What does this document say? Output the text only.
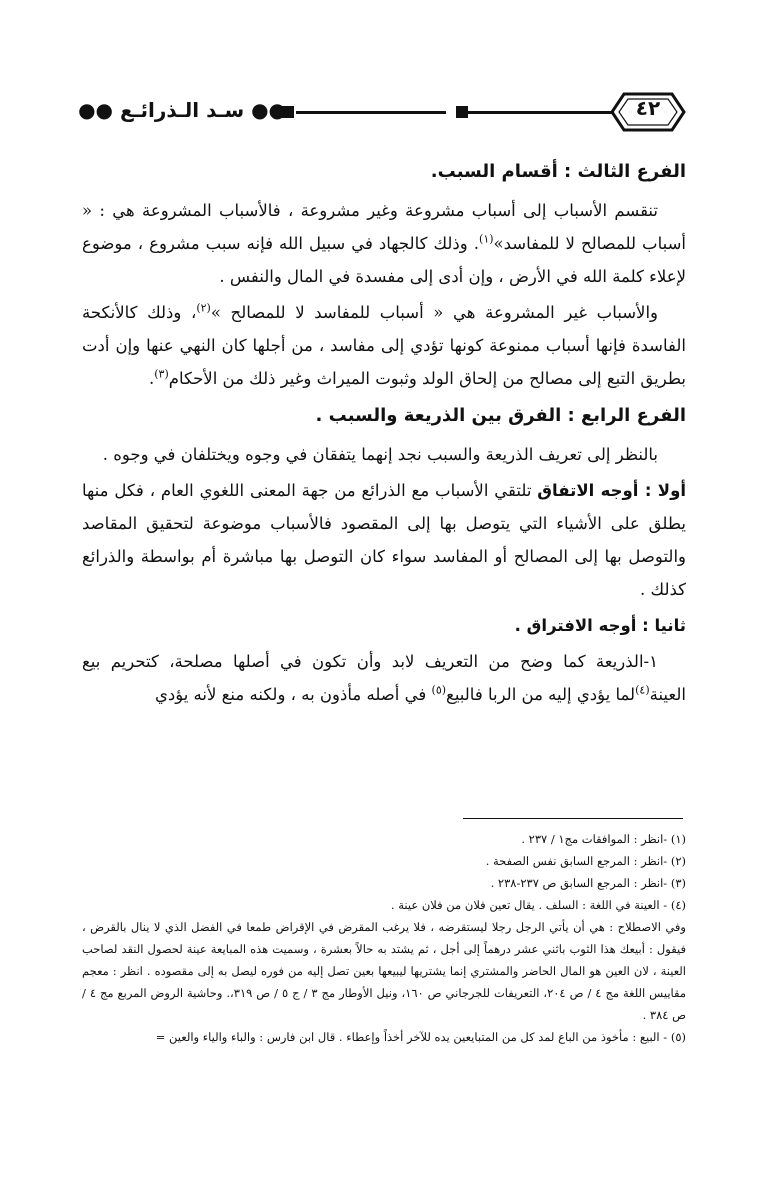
٤٢
●● سـد الـذرائـع ●●
الفرع الثالث : أقسام السبب.

تنقسم الأسباب إلى أسباب مشروعة وغير مشروعة ، فالأسباب المشروعة هي : « أسباب للمصالح لا للمفاسد»$^{(١)}$. وذلك كالجهاد في سبيل الله فإنه سبب مشروع ، موضوع لإعلاء كلمة الله في الأرض ، وإن أدى إلى مفسدة في المال والنفس .

والأسباب غير المشروعة هي « أسباب للمفاسد لا للمصالح »$^{(٢)}$، وذلك كالأنكحة الفاسدة فإنها أسباب ممنوعة كونها تؤدي إلى مفاسد ، من أجلها كان النهي عنها وإن أدت بطريق التبع إلى مصالح من إلحاق الولد وثبوت الميراث وغير ذلك من الأحكام$^{(٣)}$.

الفرع الرابع : الفرق بين الذريعة والسبب .

بالنظر إلى تعريف الذريعة والسبب نجد إنهما يتفقان في وجوه ويختلفان في وجوه .

أولا : أوجه الاتفاق تلتقي الأسباب مع الذرائع من جهة المعنى اللغوي العام ، فكل منها يطلق على الأشياء التي يتوصل بها إلى المقصود فالأسباب موضوعة لتحقيق المقاصد والتوصل بها إلى المصالح أو المفاسد سواء كان التوصل بها مباشرة أم بواسطة والذرائع كذلك .

ثانيا : أوجه الافتراق .

١-الذريعة كما وضح من التعريف لابد وأن تكون في أصلها مصلحة، كتحريم بيع العينة$^{(٤)}$لما يؤدي إليه من الربا فالبيع$^{(٥)}$ في أصله مأذون به ، ولكنه منع لأنه يؤدي

(١) -انظر : الموافقات مج١ / ٢٣٧ .

(٢) -انظر : المرجع السابق نفس الصفحة .

(٣) -انظر : المرجع السابق ص ٢٣٧-٢٣٨ .

(٤) - العينة في اللغة : السلف . يقال تعين فلان من فلان عينة .

وفي الاصطلاح : هي أن يأتي الرجل رجلا ليستقرضه ، فلا يرغب المقرض في الإقراض طمعا في الفضل الذي لا ينال بالقرض ، فيقول : أبيعك هذا الثوب باثني عشر درهماً إلى أجل ، ثم يشتد به حالاً بعشرة ، وسميت هذه المبايعة عينة لحصول النقد لصاحب العينة ، لان العين هو المال الحاضر والمشتري إنما يشتريها ليبيعها بعين تصل إليه من فوره ليصل به إلى مقصوده . انظر : معجم مقاييس اللغة مج ٤ / ص ٢٠٤، التعريفات للجرجاني ص ١٦٠، ونيل الأوطار مج ٣ / ج ٥ / ص ٣١٩،. وحاشية الروض المربع مج ٤ / ص ٣٨٤ .

(٥) - البيع : مأخوذ من الباع لمد كل من المتبايعين يده للآخر أخذاً وإعطاء . قال ابن فارس : والباء والياء والعين =
